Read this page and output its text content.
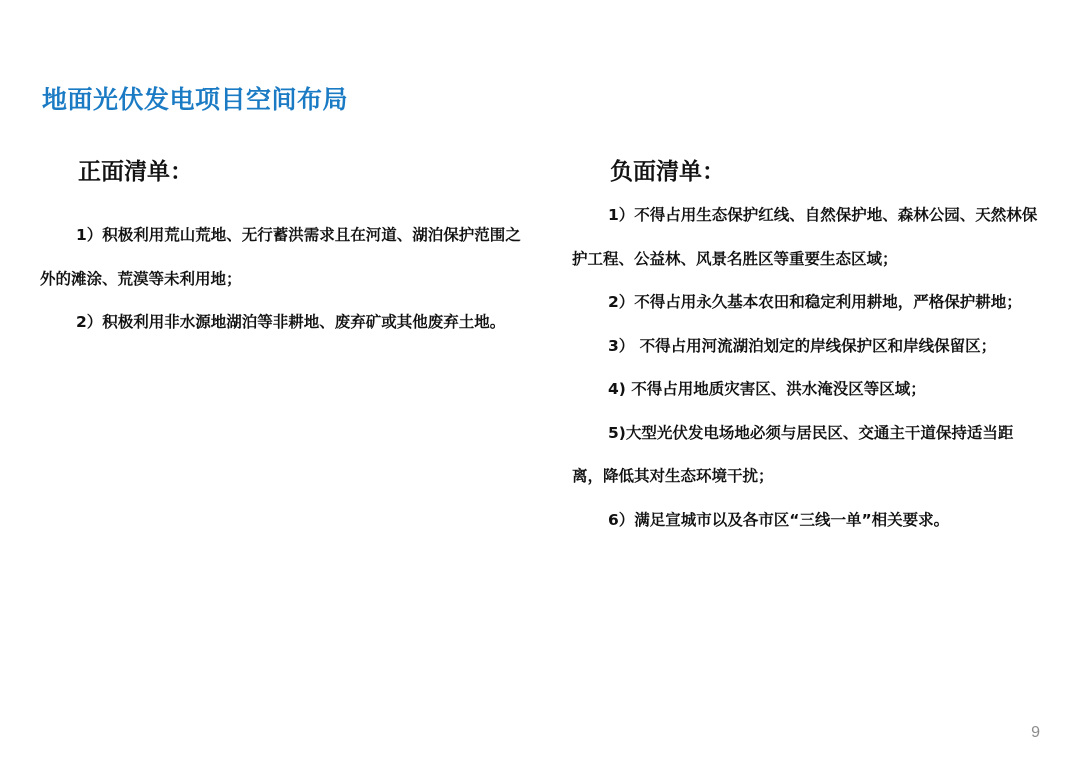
地面光伏发电项目空间布局
正面清单：

1）积极利用荒山荒地、无行蓄洪需求且在河道、湖泊保护范围之外的滩涂、荒漠等未利用地；

2）积极利用非水源地湖泊等非耕地、废弃矿或其他废弃土地。

负面清单：

1）不得占用生态保护红线、自然保护地、森林公园、天然林保护工程、公益林、风景名胜区等重要生态区域；

2）不得占用永久基本农田和稳定利用耕地，严格保护耕地；

3） 不得占用河流湖泊划定的岸线保护区和岸线保留区；

4) 不得占用地质灾害区、洪水淹没区等区域；

5)大型光伏发电场地必须与居民区、交通主干道保持适当距离，降低其对生态环境干扰；

6）满足宣城市以及各市区“三线一单”相关要求。

9
